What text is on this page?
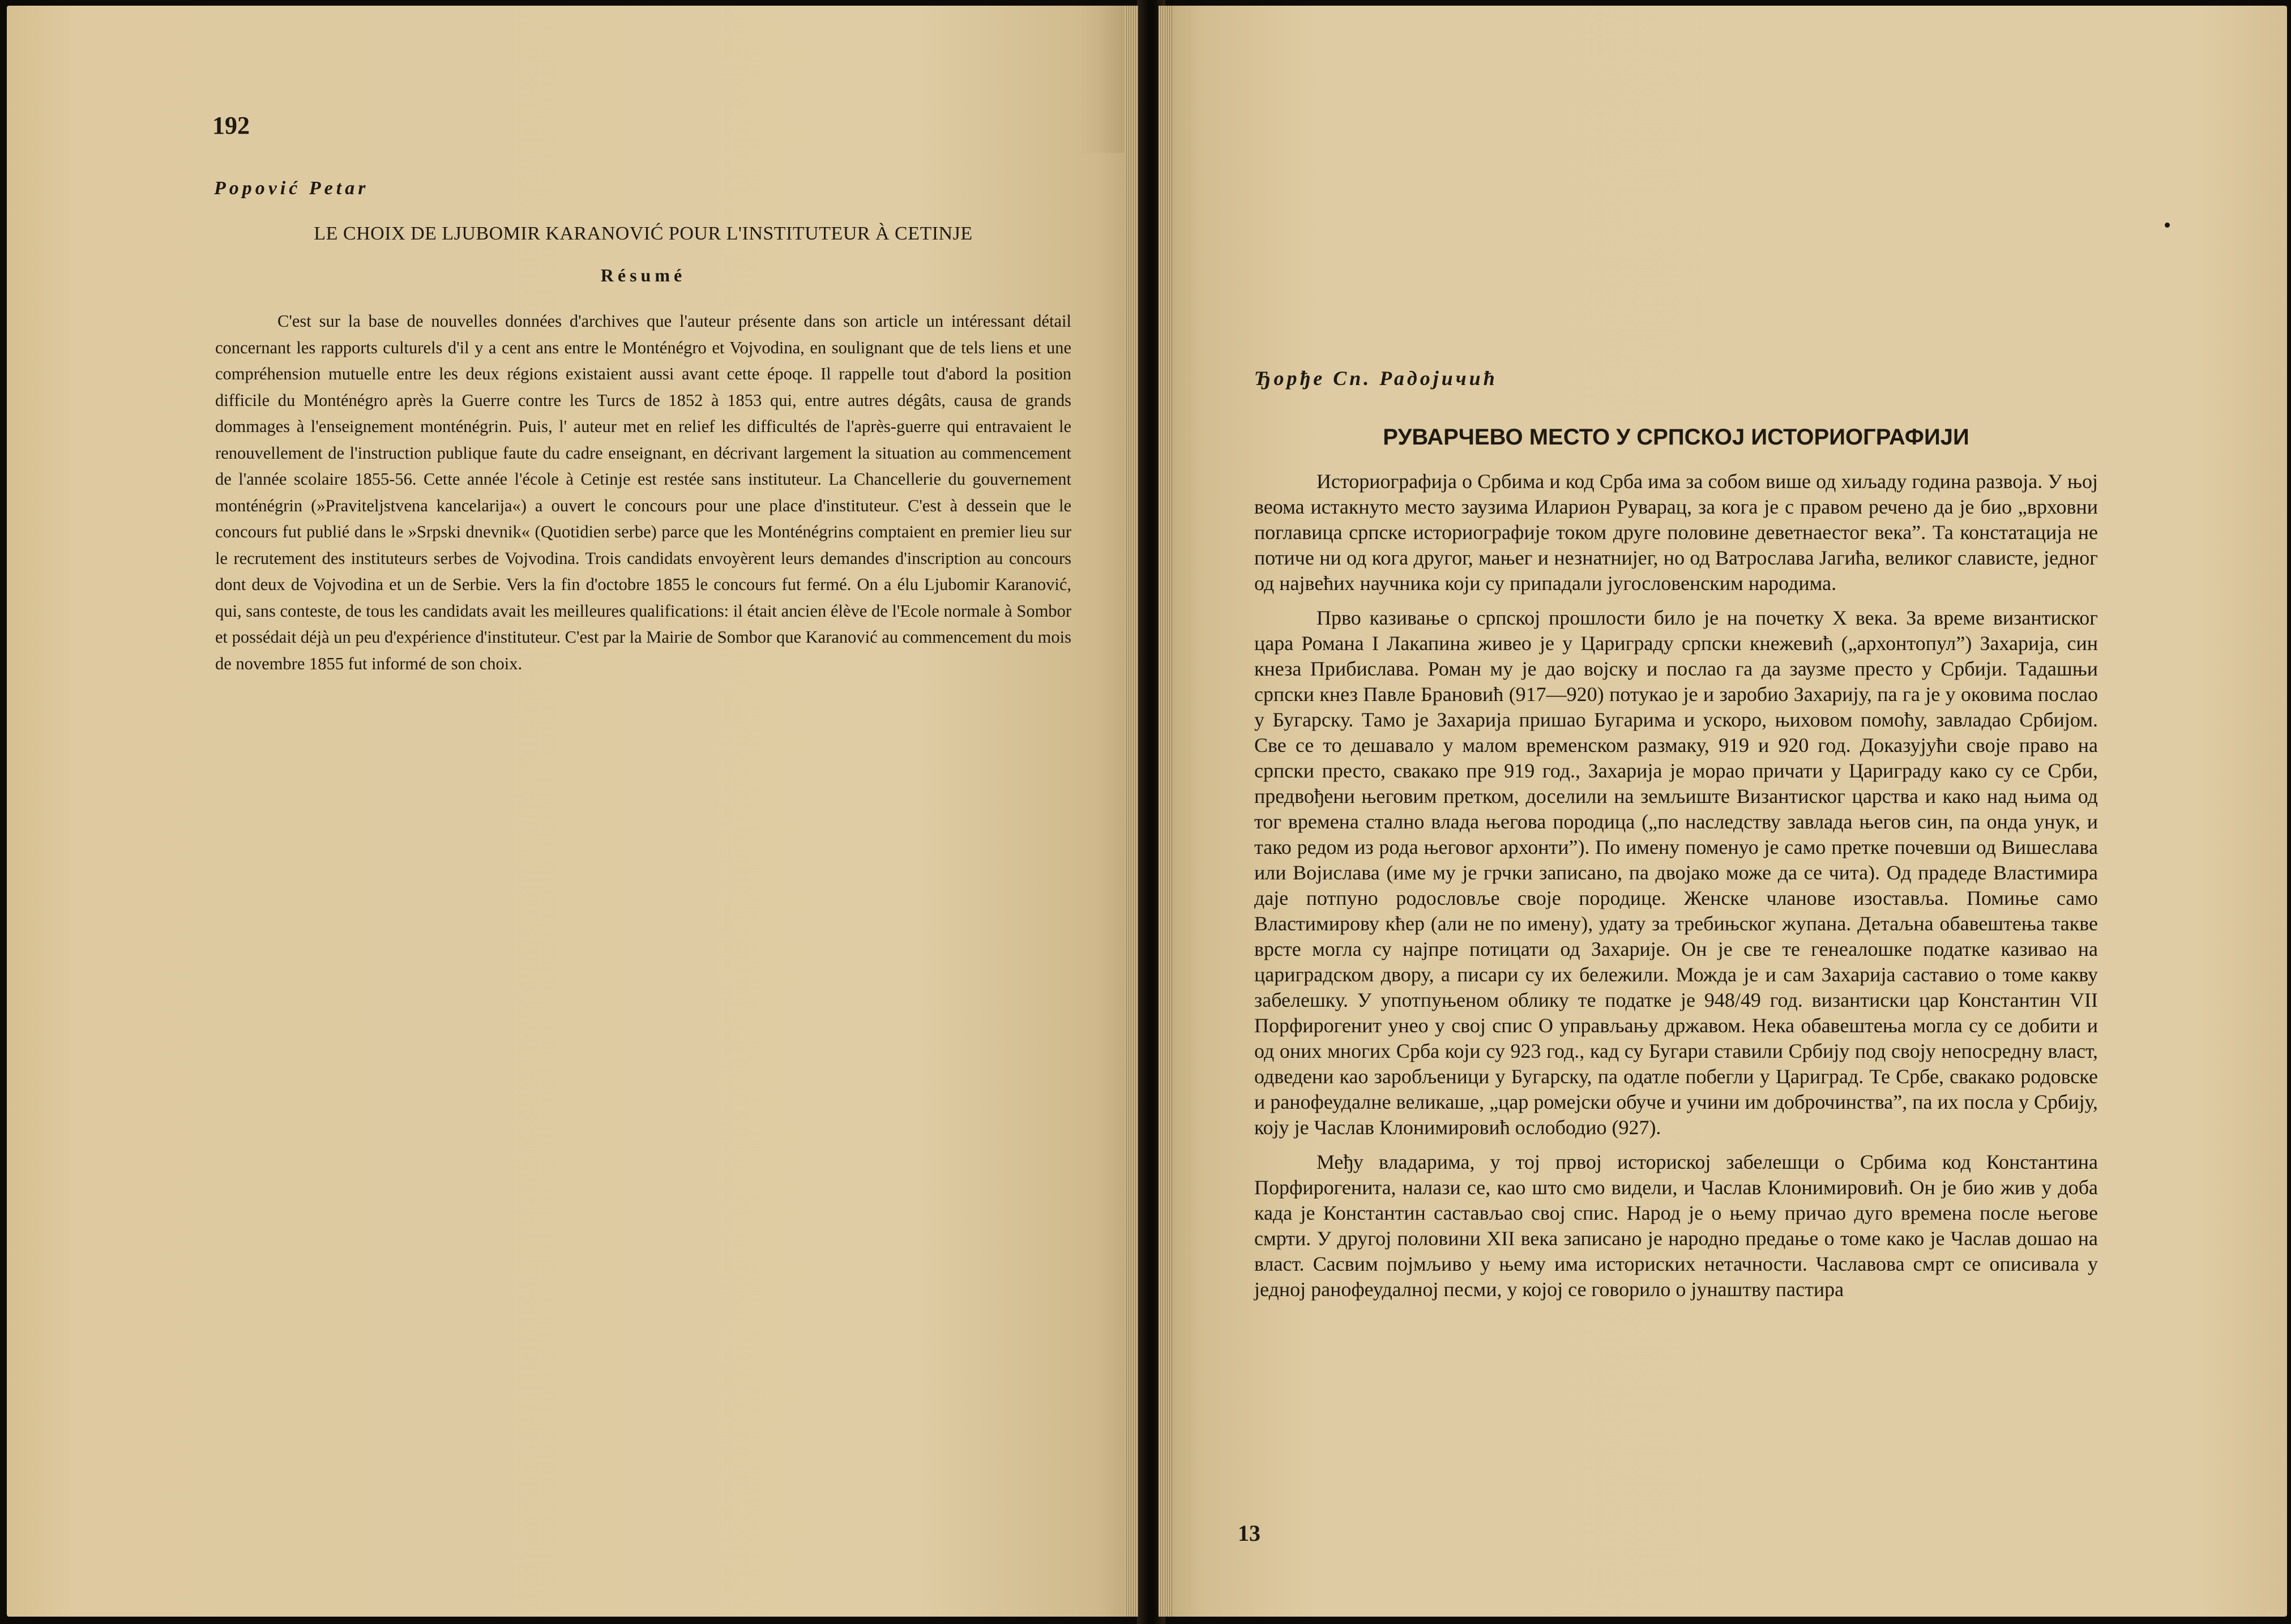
192

Popović Petar

LE CHOIX DE LJUBOMIR KARANOVIĆ POUR L'INSTITUTEUR À CETINJE
Résumé

C'est sur la base de nouvelles données d'archives que l'auteur présente dans son article un intéressant détail concernant les rapports culturels d'il y a cent ans entre le Monténégro et Vojvodina, en soulignant que de tels liens et une compréhension mutuelle entre les deux régions existaient aussi avant cette époqe. Il rappelle tout d'abord la position difficile du Monténégro après la Guerre contre les Turcs de 1852 à 1853 qui, entre autres dégâts, causa de grands dommages à l'enseignement monténégrin. Puis, l' auteur met en relief les difficultés de l'après-guerre qui entravaient le renouvellement de l'instruction publique faute du cadre enseignant, en décrivant largement la situation au commencement de l'année scolaire 1855-56. Cette année l'école à Cetinje est restée sans instituteur. La Chancellerie du gouvernement monténégrin (»Praviteljstvena kancelarija«) a ouvert le concours pour une place d'instituteur. C'est à dessein que le concours fut publié dans le »Srpski dnevnik« (Quotidien serbe) parce que les Monténégrins comptaient en premier lieu sur le recrutement des instituteurs serbes de Vojvodina. Trois candidats envoyèrent leurs demandes d'inscription au concours dont deux de Vojvodina et un de Serbie. Vers la fin d'octobre 1855 le concours fut fermé. On a élu Ljubomir Karanović, qui, sans conteste, de tous les candidats avait les meilleures qualifications: il était ancien élève de l'Ecole normale à Sombor et possédait déjà un peu d'expérience d'instituteur. C'est par la Mairie de Sombor que Karanović au commencement du mois de novembre 1855 fut informé de son choix.

Ђорђе Сп. Радојичић

РУВАРЧЕВО МЕСТО У СРПСКОЈ ИСТОРИОГРАФИЈИ

Историографија о Србима и код Срба има за собом више од хиљаду година развоја. У њој веома истакнуто место заузима Иларион Руварац, за кога је с правом речено да је био „врховни поглавица српске историографије током друге половине деветнаестог века”. Та констатација не потиче ни од кога другог, мањег и незнатнијег, но од Ватрослава Јагића, великог слависте, једног од највећих научника који су припадали југословенским народима.

Прво казивање о српској прошлости било је на почетку X века. За време византиског цара Романа I Лакапина живео је у Цариграду српски кнежевић („архонтопул”) Захарија, син кнеза Прибислава. Роман му је дао војску и послао га да заузме престо у Србији. Тадашњи српски кнез Павле Брановић (917—920) потукао је и заробио Захарију, па га је у оковима послао у Бугарску. Тамо је Захарија пришао Бугарима и ускоро, њиховом помоћу, завладао Србијом. Све се то дешавало у малом временском размаку, 919 и 920 год. Доказујући своје право на српски престо, свакако пре 919 год., Захарија је морао причати у Цариграду како су се Срби, предвођени његовим претком, доселили на земљиште Византиског царства и како над њима од тог времена стално влада његова породица („по наследству завлада његов син, па онда унук, и тако редом из рода његовог архонти”). По имену поменуо је само претке почевши од Вишеслава или Војислава (име му је грчки записано, па двојако може да се чита). Од прадеде Властимира даје потпуно родословље своје породице. Женске чланове изоставља. Помиње само Властимирову кћер (али не по имену), удату за требињског жупана. Детаљна обавештења такве врсте могла су најпре потицати од Захарије. Он је све те генеалошке податке казивао на цариградском двору, а писари су их бележили. Можда је и сам Захарија саставио о томе какву забелешку. У употпуњеном облику те податке је 948/49 год. византиски цар Константин VII Порфирогенит унео у свој спис О управљању државом. Нека обавештења могла су се добити и од оних многих Срба који су 923 год., кад су Бугари ставили Србију под своју непосредну власт, одведени као заробљеници у Бугарску, па одатле побегли у Цариград. Те Србе, свакако родовске и ранофеудалне великаше, „цар ромејски обуче и учини им доброчинства”, па их посла у Србију, коју је Часлав Клонимировић ослободио (927).

Међу владарима, у тој првој историској забелешци о Србима код Константина Порфирогенита, налази се, као што смо видели, и Часлав Клонимировић. Он је био жив у доба када је Константин састављао свој спис. Народ је о њему причао дуго времена после његове смрти. У другој половини XII века записано је народно предање о томе како је Часлав дошао на власт. Сасвим појмљиво у њему има историских нетачности. Чаславова смрт се описивала у једној ранофеудалној песми, у којој се говорило о јунаштву пастира

13
